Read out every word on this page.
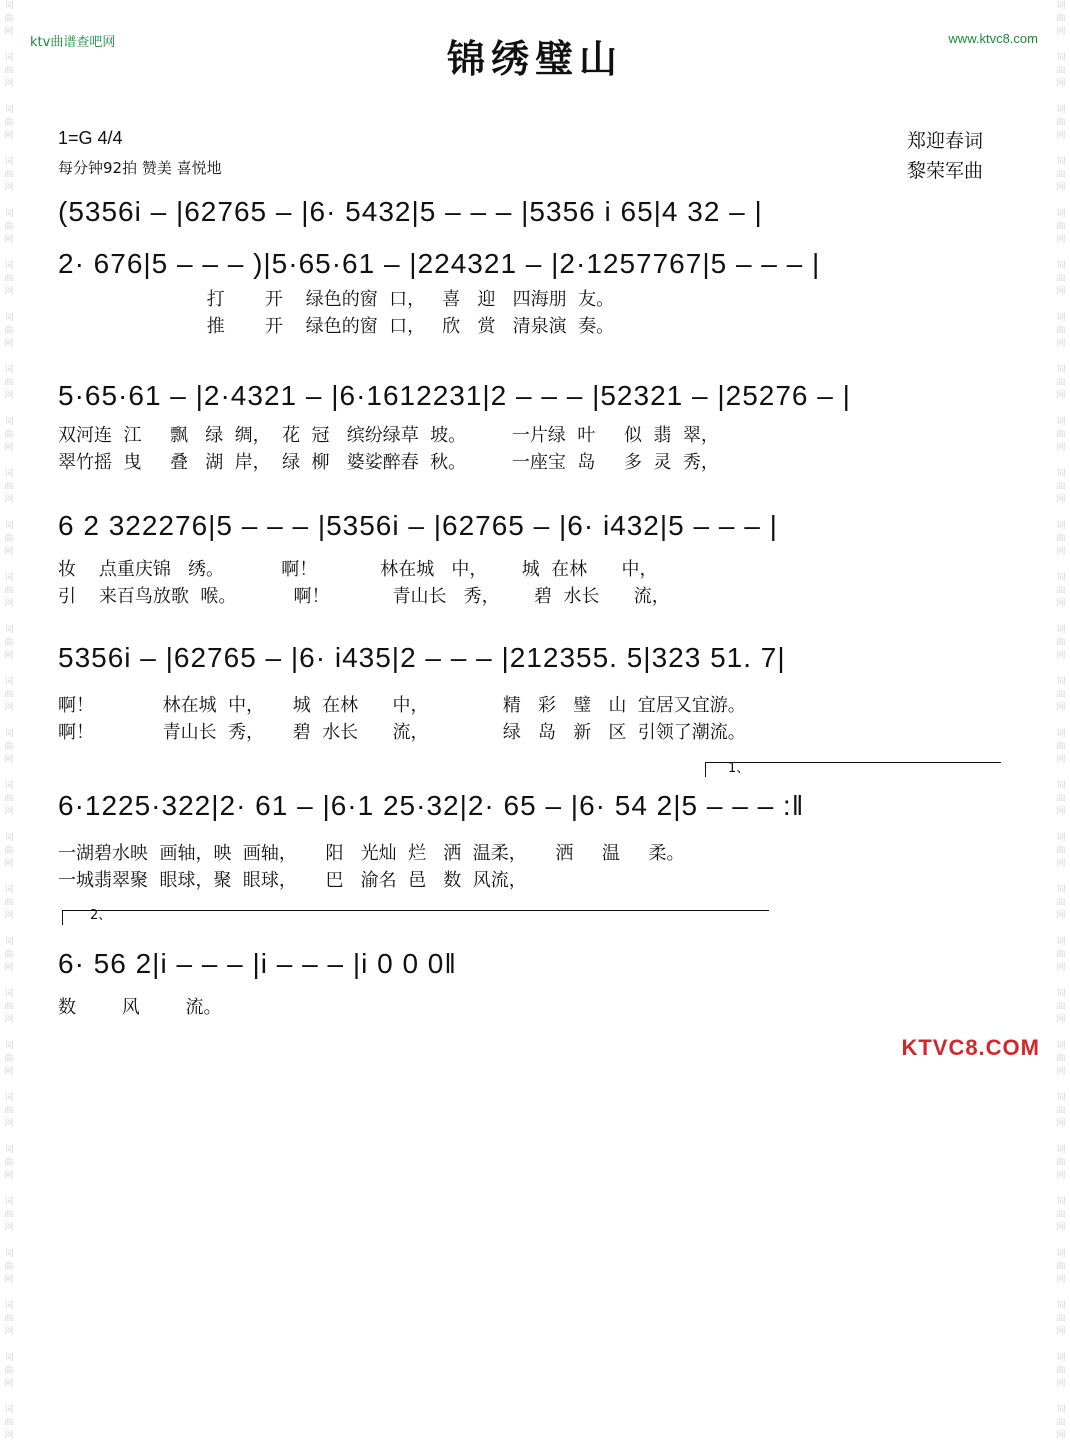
词
曲
网

词
曲
网

词
曲
网

词
曲
网

词
曲
网

词
曲
网

词
曲
网

词
曲
网

词
曲
网

词
曲
网

词
曲
网

词
曲
网

词
曲
网

词
曲
网

词
曲
网

词
曲
网

词
曲
网

词
曲
网

词
曲
网

词
曲
网

词
曲
网

词
曲
网

词
曲
网

词
曲
网

词
曲
网

词
曲
网

词
曲
网

词
曲
网

词
曲
网

词
曲
网

词
曲
网

词
曲
网

词
曲
网

词
曲
网

词
曲
网

词
曲
网

词
曲
网

词
曲
网

词
曲
网

词
曲
网

词
曲
网

词
曲
网

词
曲
网

词
曲
网

词
曲
网

词
曲
网

词
曲
网

词
曲
网

词
曲
网

词
曲
网

词
曲
网

词
曲
网

词
曲
网

词
曲
网

词
曲
网

词
曲
网

ktv曲谱查吧网	www.ktvc8.com
锦绣璧山
1=G 4/4
每分钟92拍 赞美 喜悦地
郑迎春词
黎荣军曲
(5356i – |62765 – |6· 5432|5 – – – |5356 i 65|4 32 – |
2· 676|5 – – – )|5·65·61 – |224321 – |2·1257767|5 – – – |
打       开    绿色的窗  口，   喜   迎   四海朋  友。
推       开    绿色的窗  口，   欣   赏   清泉演  奏。
5·65·61 – |2·4321 – |6·1612231|2 – – – |52321 – |25276 – |
双河连  江     飘   绿  绸，  花  冠   缤纷绿草  坡。        一片绿  叶     似  翡  翠，
翠竹摇  曳     叠   湖  岸，  绿  柳   婆娑醉春  秋。        一座宝  岛     多  灵  秀，
6 2 322276|5 – – – |5356i – |62765 – |6· i432|5 – – – |
妆    点重庆锦   绣。          啊！           林在城   中，      城  在林      中，
引    来百鸟放歌  喉。          啊！           青山长   秀，      碧  水长      流，
5356i – |62765 – |6· i435|2 – – – |212355. 5|323 51. 7|
啊！            林在城  中，     城  在林      中，             精   彩   璧   山  宜居又宜游。
啊！            青山长  秀，     碧  水长      流，             绿   岛   新   区  引领了潮流。
1、
6·1225·322|2· 61 – |6·1 25·32|2· 65 – |6· 54 2|5 – – – :‖
一湖碧水映  画轴，映  画轴，     阳   光灿  烂   洒  温柔，     洒     温     柔。
一城翡翠聚  眼球，聚  眼球，     巴   渝名  邑   数  风流，
2、
6· 56 2|i – – – |i – – – |i 0 0 0‖
数        风        流。
KTVC8.COM
